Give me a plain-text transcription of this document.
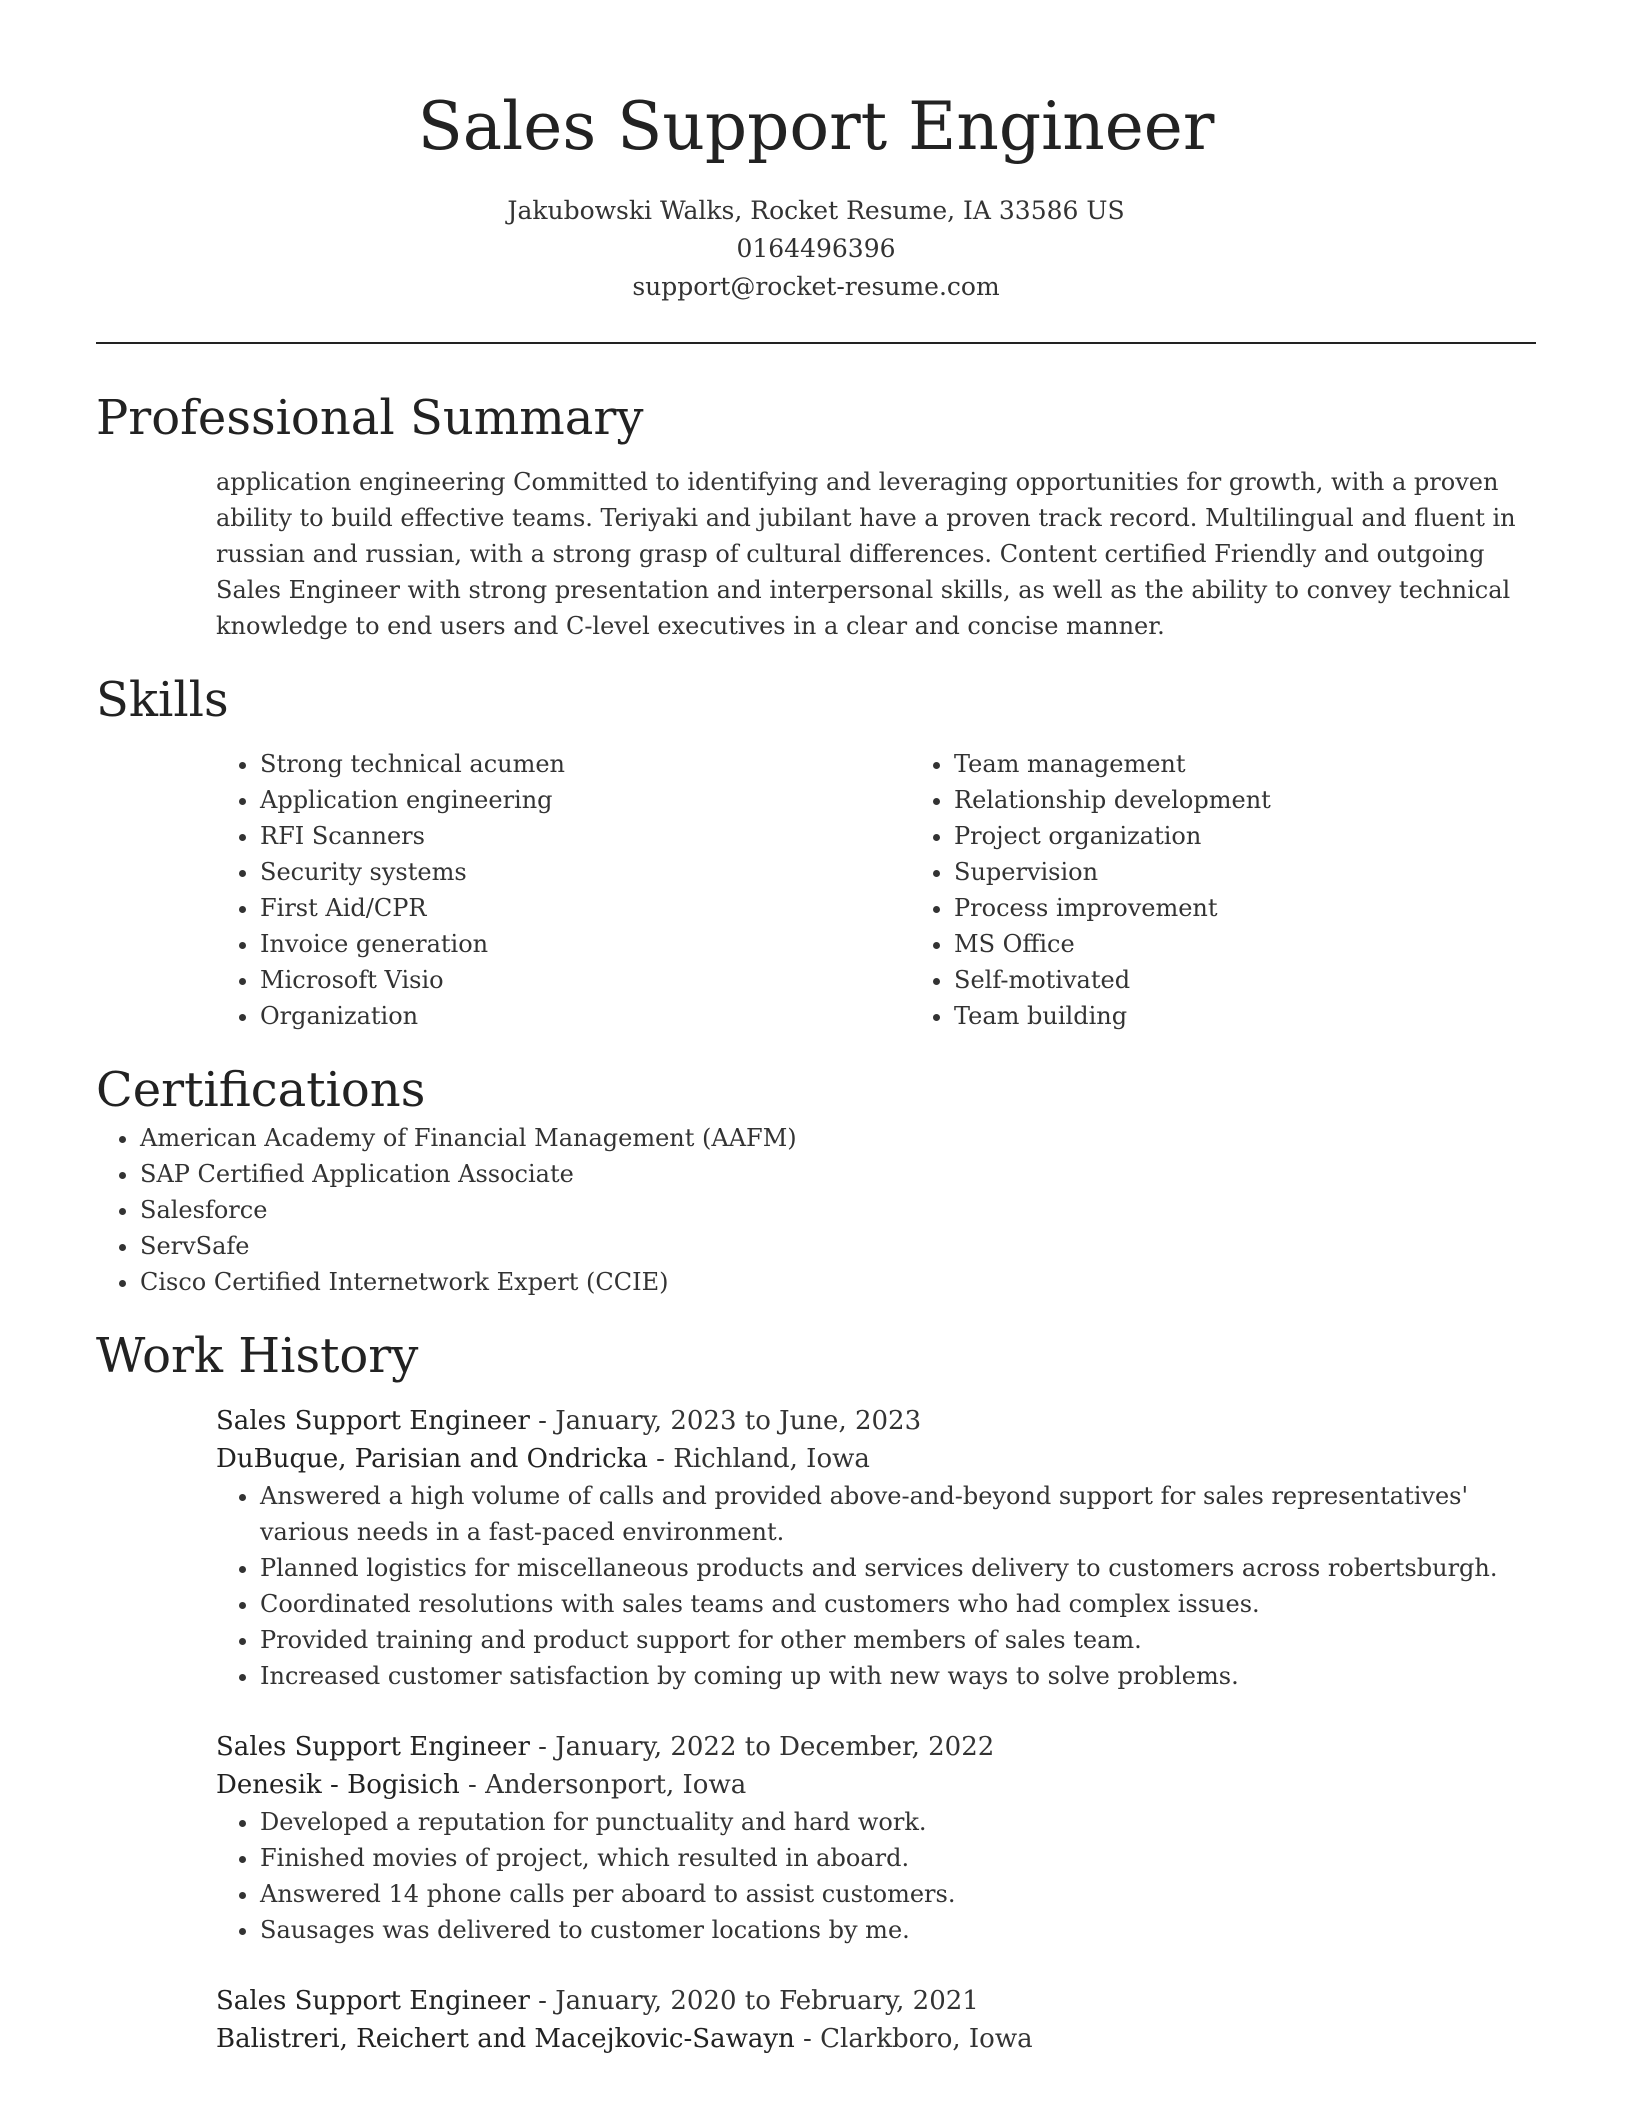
Sales Support Engineer
Jakubowski Walks, Rocket Resume, IA 33586 US
0164496396
support@rocket-resume.com
Professional Summary

application engineering Committed to identifying and leveraging opportunities for growth, with a proven ability to build effective teams. Teriyaki and jubilant have a proven track record. Multilingual and fluent in russian and russian, with a strong grasp of cultural differences. Content certified Friendly and outgoing Sales Engineer with strong presentation and interpersonal skills, as well as the ability to convey technical knowledge to end users and C-level executives in a clear and concise manner.

Skills
• Strong technical acumen
• Application engineering
• RFI Scanners
• Security systems
• First Aid/CPR
• Invoice generation
• Microsoft Visio
• Organization
• Team management
• Relationship development
• Project organization
• Supervision
• Process improvement
• MS Office
• Self-motivated
• Team building
Certifications
• American Academy of Financial Management (AAFM)
• SAP Certified Application Associate
• Salesforce
• ServSafe
• Cisco Certified Internetwork Expert (CCIE)
Work History
Sales Support Engineer - January, 2023 to June, 2023
DuBuque, Parisian and Ondricka - Richland, Iowa
• Answered a high volume of calls and provided above-and-beyond support for sales representatives' various needs in a fast-paced environment.
• Planned logistics for miscellaneous products and services delivery to customers across robertsburgh.
• Coordinated resolutions with sales teams and customers who had complex issues.
• Provided training and product support for other members of sales team.
• Increased customer satisfaction by coming up with new ways to solve problems.
Sales Support Engineer - January, 2022 to December, 2022
Denesik - Bogisich - Andersonport, Iowa
• Developed a reputation for punctuality and hard work.
• Finished movies of project, which resulted in aboard.
• Answered 14 phone calls per aboard to assist customers.
• Sausages was delivered to customer locations by me.
Sales Support Engineer - January, 2020 to February, 2021
Balistreri, Reichert and Macejkovic-Sawayn - Clarkboro, Iowa
